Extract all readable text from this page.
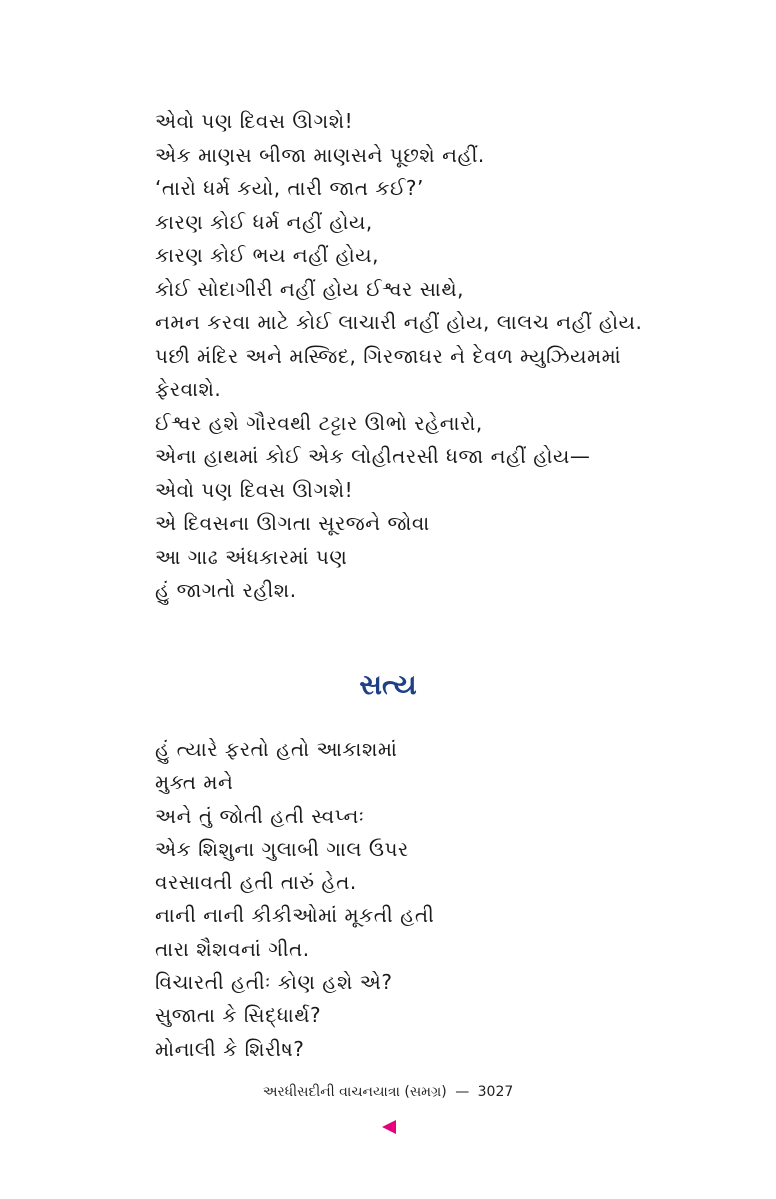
એવો પણ દિવસ ઊગશે!
એક માણસ બીજા માણસને પૂછશે નહીં.
‘તારો ધર્મ કયો, તારી જાત કઈ?’
કારણ કોઈ ધર્મ નહીં હોય,
કારણ કોઈ ભય નહીં હોય,
કોઈ સોદાગીરી નહીં હોય ઈશ્વર સાથે,
નમન કરવા માટે કોઈ લાચારી નહીં હોય, લાલચ નહીં હોય.
પછી મંદિર અને મસ્જિદ, ગિરજાઘર ને દેવળ મ્યુઝિયમમાં
ફેરવાશે.
ઈશ્વર હશે ગૌરવથી ટટ્ટાર ઊભો રહેનારો,
એના હાથમાં કોઈ એક લોહીતરસી ધજા નહીં હોય—
એવો પણ દિવસ ઊગશે!
એ દિવસના ઊગતા સૂરજને જોવા
આ ગાઢ અંધકારમાં પણ
હું જાગતો રહીશ.
સત્ય
હું ત્યારે ફરતો હતો આકાશમાં
મુક્ત મને
અને તું જોતી હતી સ્વપ્નઃ
એક શિશુના ગુલાબી ગાલ ઉપર
વરસાવતી હતી તારું હેત.
નાની નાની કીકીઓમાં મૂકતી હતી
તારા શૈશવનાં ગીત.
વિચારતી હતીઃ કોણ હશે એ?
સુજાતા કે સિદ્ધાર્થ?
મોનાલી કે શિરીષ?
અરધીસદીની વાચનયાત્રા (સમગ્ર) — 3027
